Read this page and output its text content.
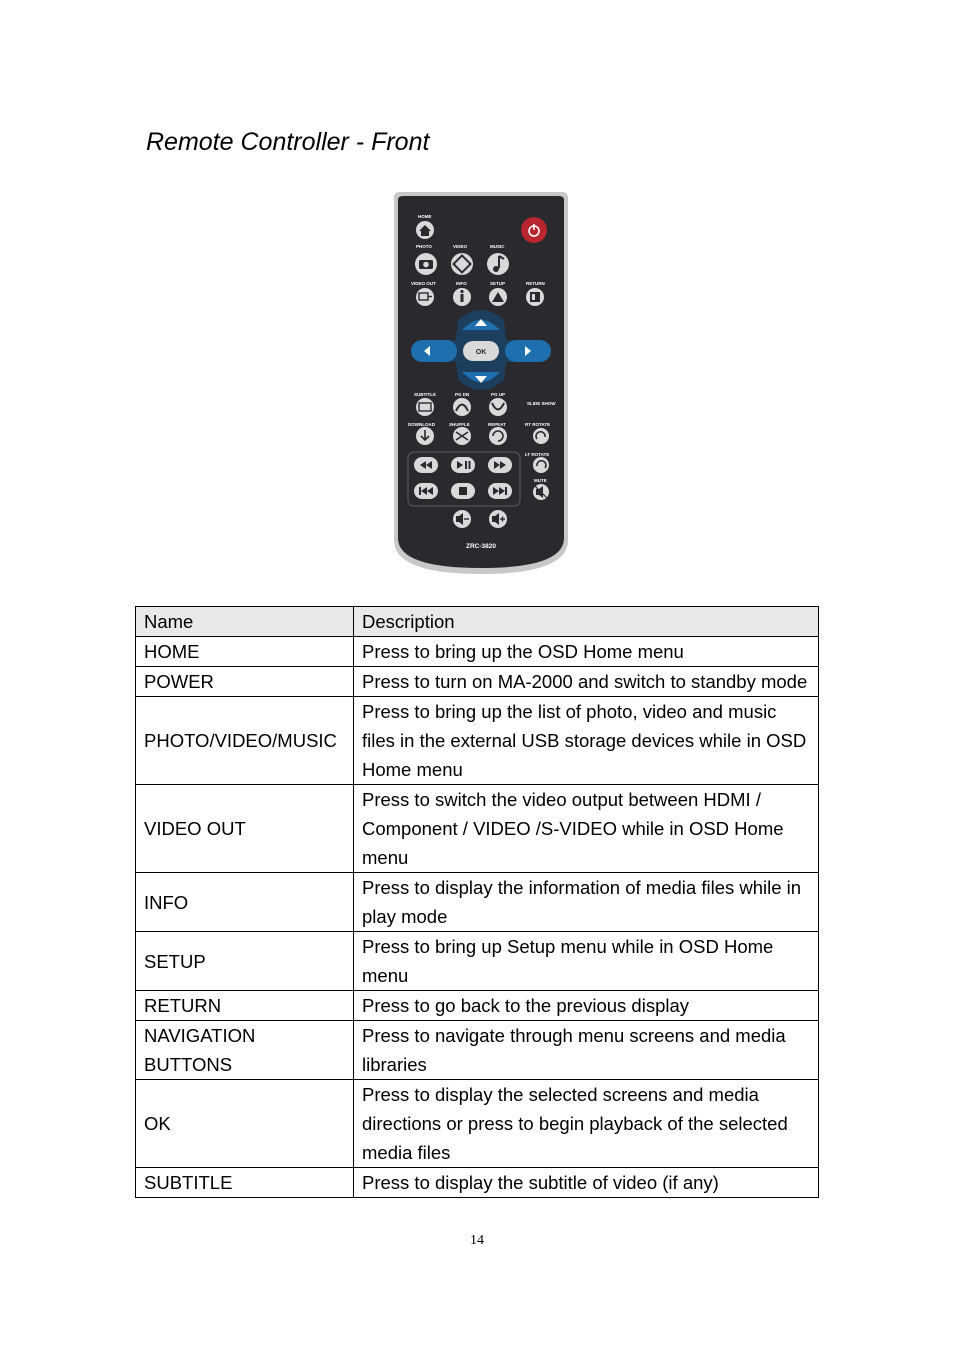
Remote Controller - Front
HOME
PHOTO	VIDEO	MUSIC
VIDEO OUT	INFO	SETUP	RETURN
OK
SUBTITLE	PG DN	PG UP
SLIDE SHOW
DOWNLOAD	SHUFFLE	REPEAT	RT ROTATE
LT ROTATE
MUTE
ZRC-3820
Name	Description
HOME	Press to bring up the OSD Home menu
POWER	Press to turn on MA-2000 and switch to standby mode
PHOTO/VIDEO/MUSIC	Press to bring up the list of photo, video and music files in the external USB storage devices while in OSD Home menu
VIDEO OUT	Press to switch the video output between HDMI / Component / VIDEO /S-VIDEO while in OSD Home menu
INFO	Press to display the information of media files while in play mode
SETUP	Press to bring up Setup menu while in OSD Home menu
RETURN	Press to go back to the previous display
NAVIGATION BUTTONS	Press to navigate through menu screens and media libraries
OK	Press to display the selected screens and media directions or press to begin playback of the selected media files
SUBTITLE	Press to display the subtitle of video (if any)
14
